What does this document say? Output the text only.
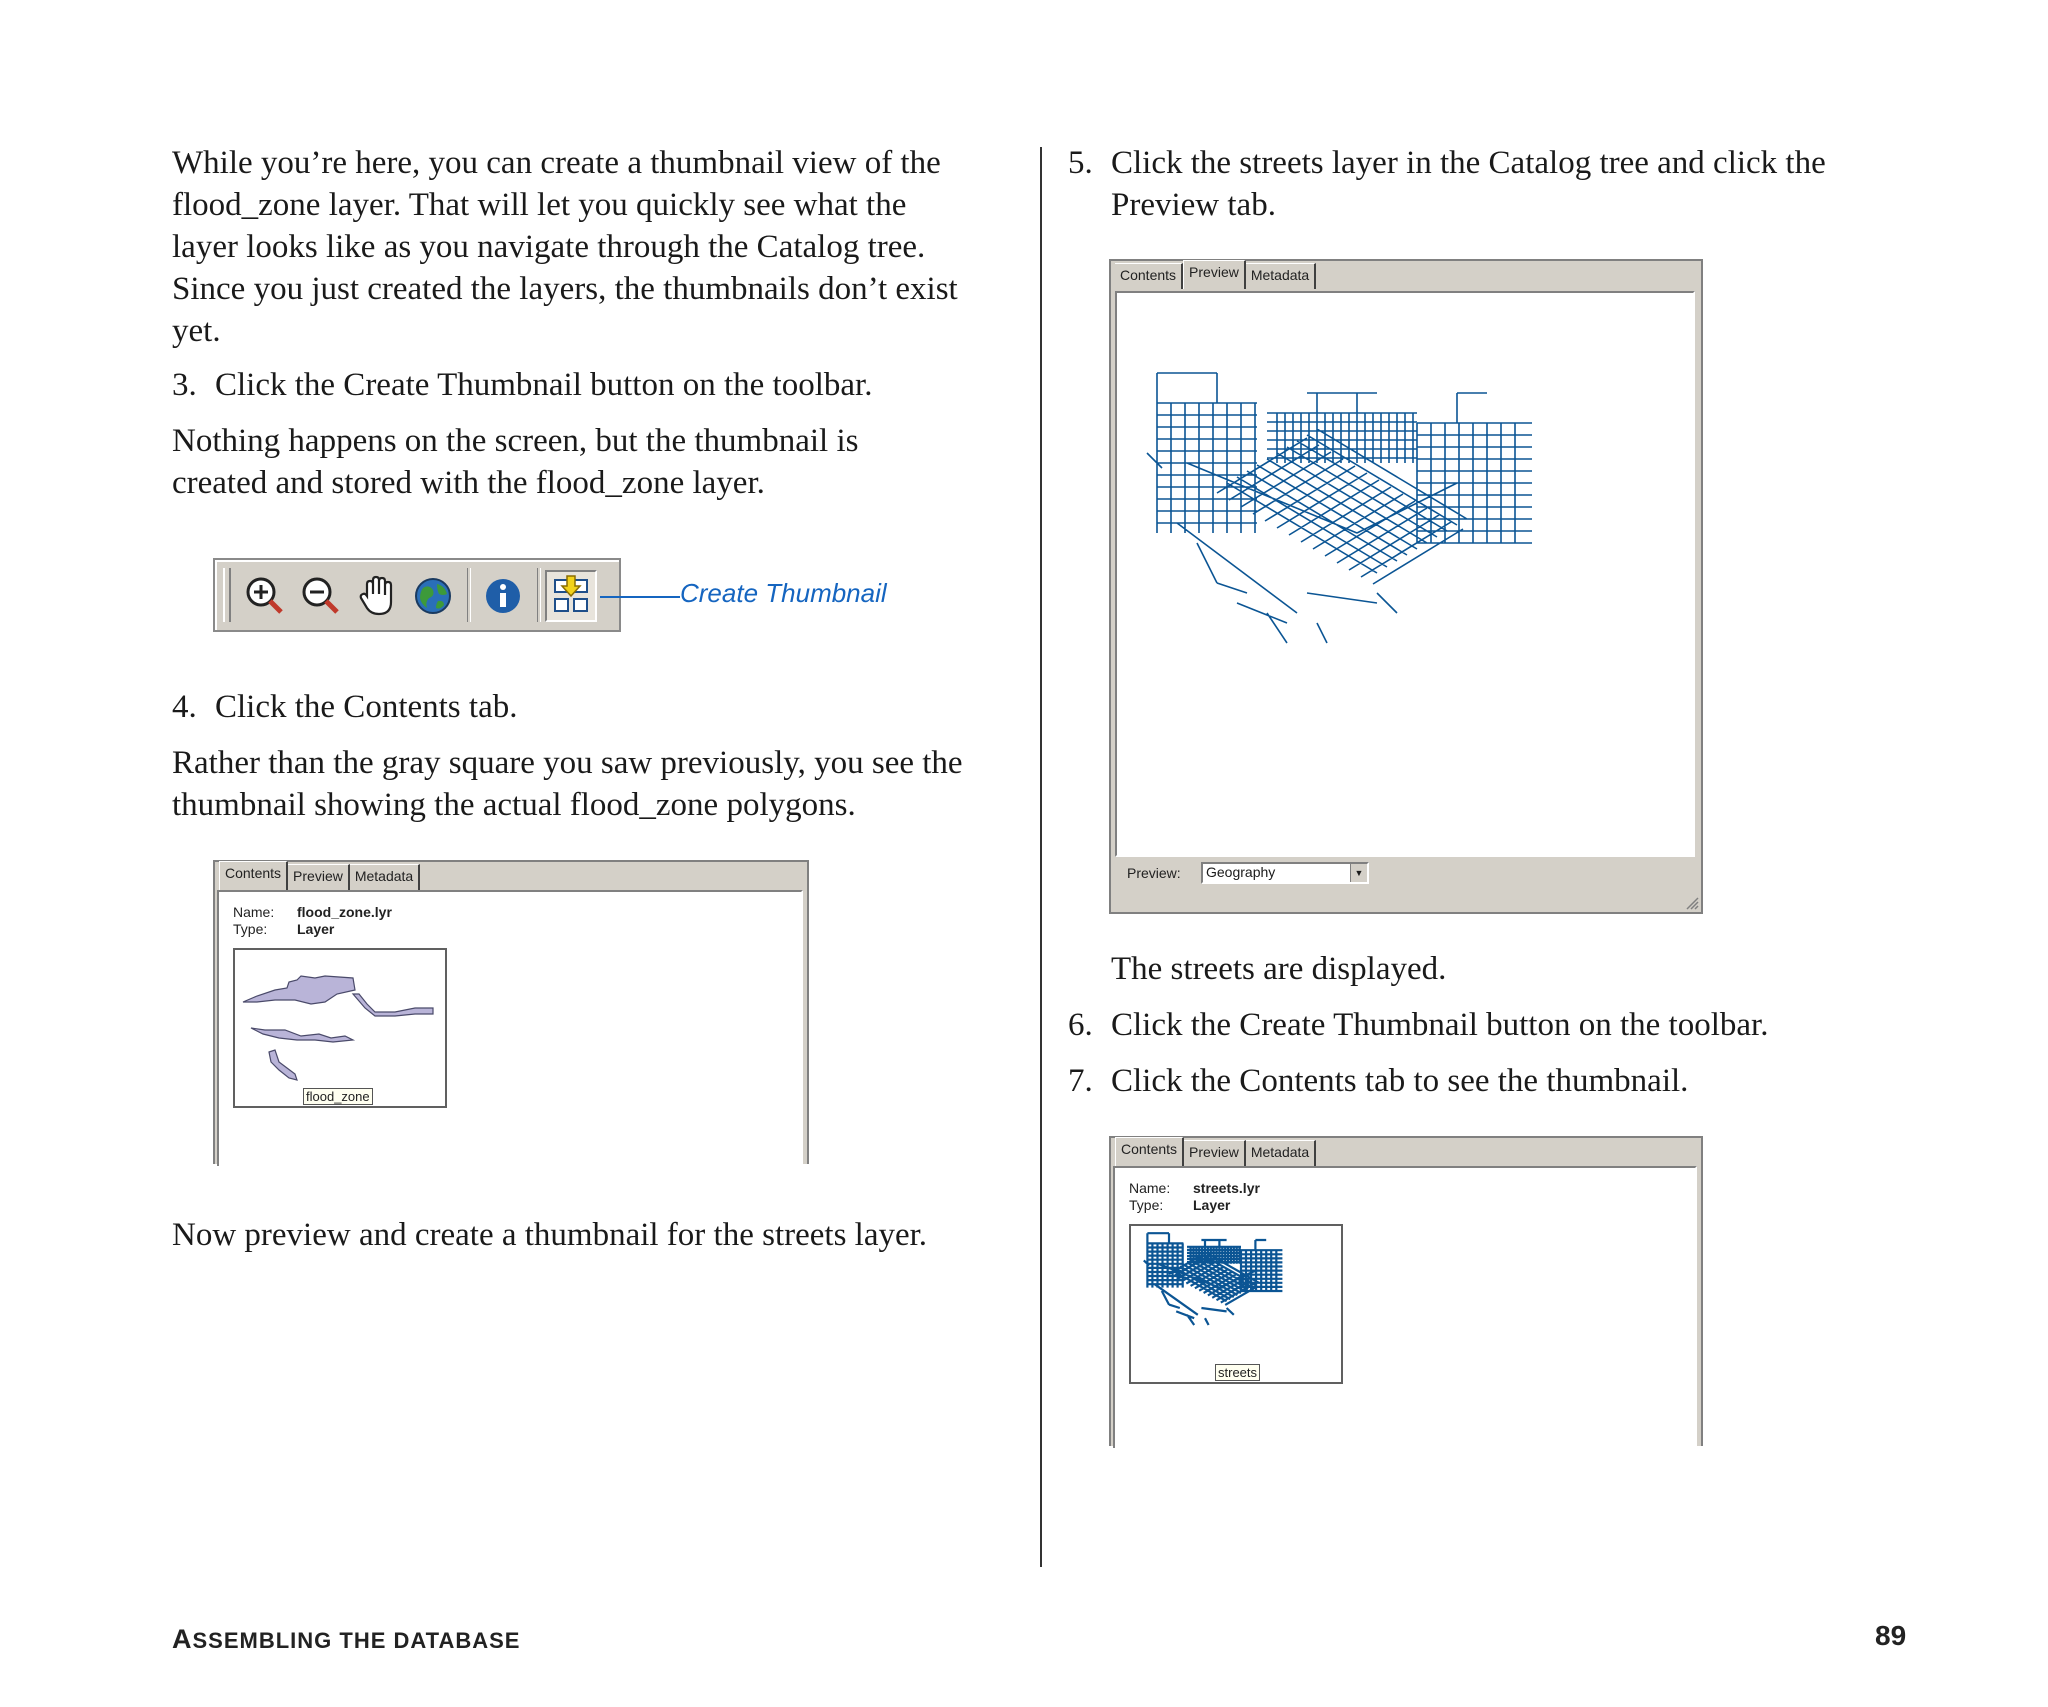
While you’re here, you can create a thumbnail view of the
flood_zone layer. That will let you quickly see what the
layer looks like as you navigate through the Catalog tree.
Since you just created the layers, the thumbnails don’t exist
yet.
3. Click the Create Thumbnail button on the toolbar.
Nothing happens on the screen, but the thumbnail is
created and stored with the flood_zone layer.
Create Thumbnail
4. Click the Contents tab.
Rather than the gray square you saw previously, you see the
thumbnail showing the actual flood_zone polygons.
Contents Preview Metadata
Name: flood_zone.lyr
Type: Layer
flood_zone
Now preview and create a thumbnail for the streets layer.
5. Click the streets layer in the Catalog tree and click the
Preview tab.
Contents Preview Metadata
Preview:	Geography	▼
The streets are displayed.
6. Click the Create Thumbnail button on the toolbar.
7. Click the Contents tab to see the thumbnail.
Contents Preview Metadata
Name: streets.lyr
Type: Layer
streets
ASSEMBLING THE DATABASE	89
